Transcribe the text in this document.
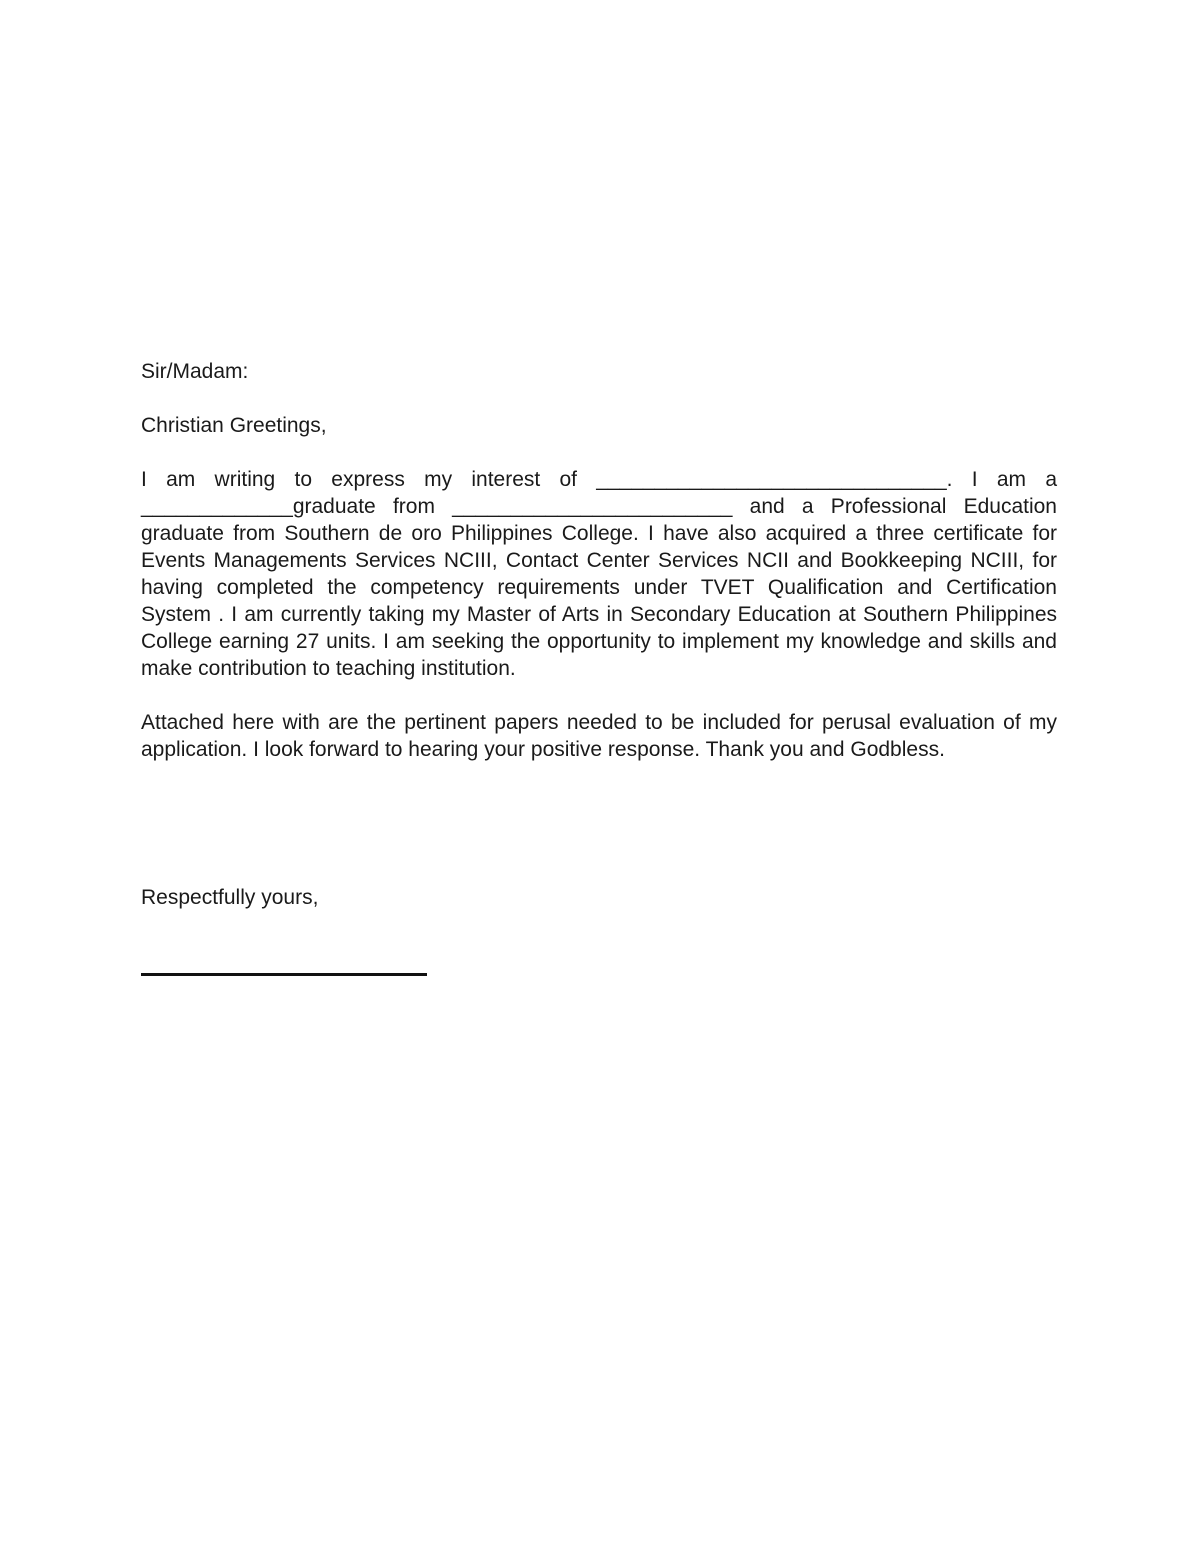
Sir/Madam:

Christian Greetings,

I am writing to express my interest of ______________________________. I am a _____________graduate from ________________________ and a Professional Education graduate from Southern de oro Philippines College. I have also acquired a three certificate for Events Managements Services NCIII, Contact Center Services NCII and Bookkeeping NCIII, for having completed the competency requirements under TVET Qualification and Certification System . I am currently taking my Master of Arts in Secondary Education at Southern Philippines College earning 27 units. I am seeking the opportunity to implement my knowledge and skills and make contribution to teaching institution.

Attached here with are the pertinent papers needed to be included for perusal evaluation of my application. I look forward to hearing your positive response. Thank you and Godbless.

Respectfully yours,
